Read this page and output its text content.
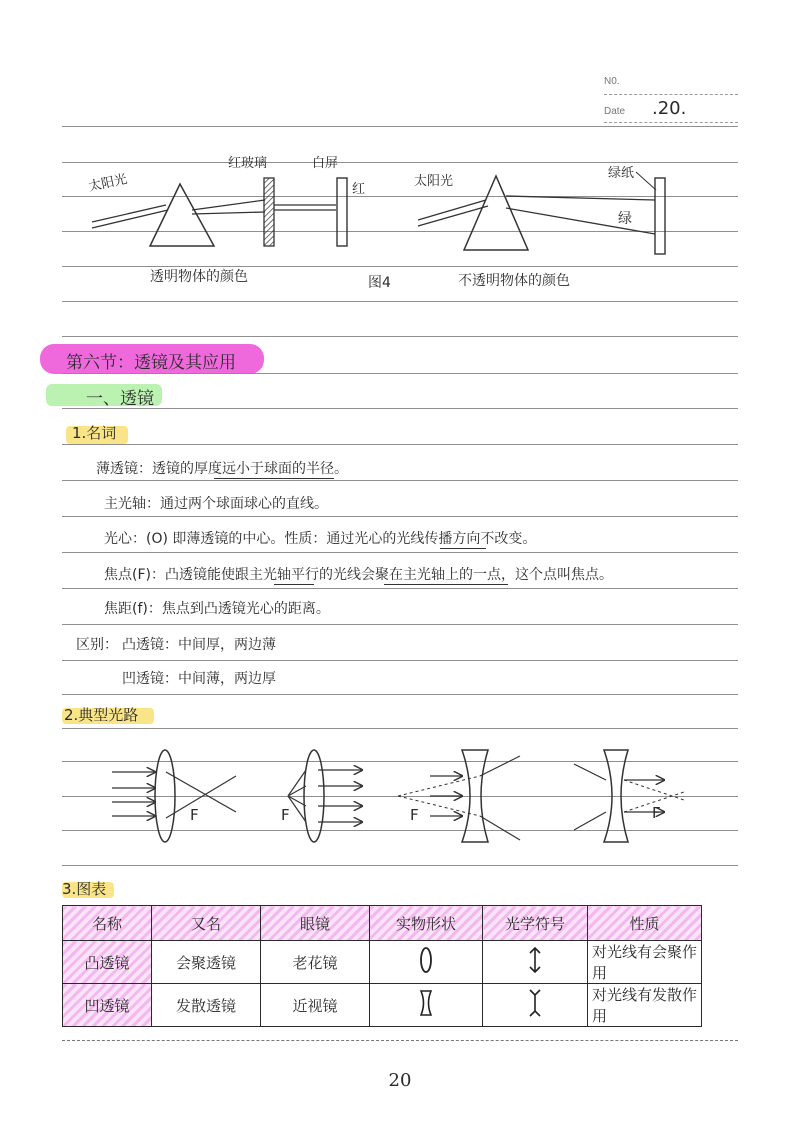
N0.
Date .20.
太阳光
红玻璃	白屏
红
透明物体的颜色	图4
太阳光
绿纸
绿
不透明物体的颜色
第六节：透镜及其应用
一、透镜
1.名词
薄透镜：透镜的厚度远小于球面的半径。
主光轴：通过两个球面球心的直线。
光心：(O) 即薄透镜的中心。性质：通过光心的光线传播方向不改变。
焦点(F)：凸透镜能使跟主光轴平行的光线会聚在主光轴上的一点，这个点叫焦点。
焦距(f)：焦点到凸透镜光心的距离。
区别： 凸透镜：中间厚，两边薄
凹透镜：中间薄，两边厚
2.典型光路
F	F	F	F
3.图表
名称	又名	眼镜	实物形状	光学符号	性质
凸透镜	会聚透镜	老花镜			对光线有会聚作用
凹透镜	发散透镜	近视镜			对光线有发散作用
20
